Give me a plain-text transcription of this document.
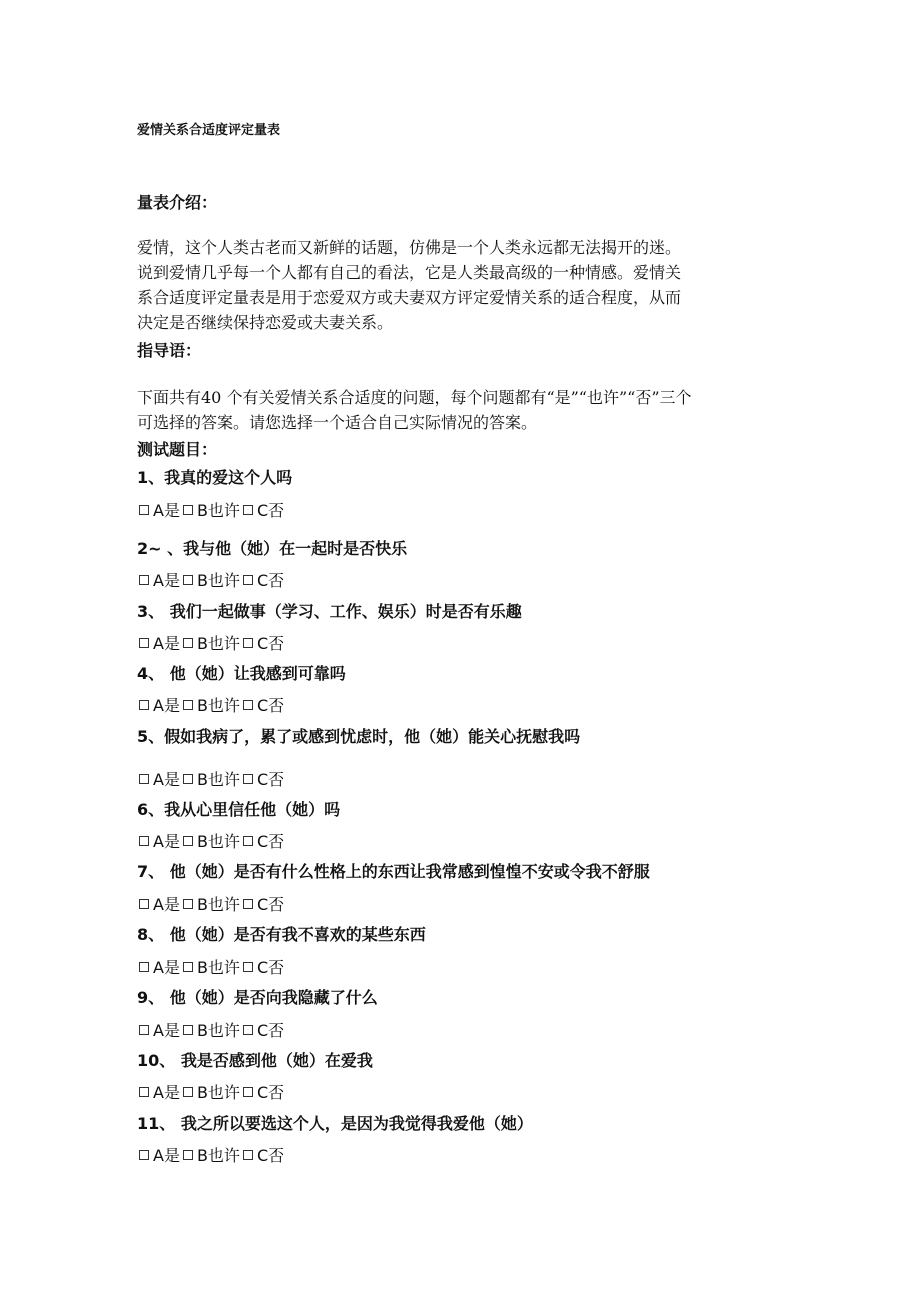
爱情关系合适度评定量表
量表介绍：
爱情，这个人类古老而又新鲜的话题，仿佛是一个人类永远都无法揭开的迷。
说到爱情几乎每一个人都有自己的看法，它是人类最高级的一种情感。爱情关
系合适度评定量表是用于恋爱双方或夫妻双方评定爱情关系的适合程度，从而
决定是否继续保持恋爱或夫妻关系。
指导语：
下面共有40 个有关爱情关系合适度的问题，每个问题都有“是”“也许”“否”三个
可选择的答案。请您选择一个适合自己实际情况的答案。
测试题目：
1、我真的爱这个人吗
A是 B也许 C否
2~ 、我与他（她）在一起时是否快乐
A是 B也许 C否
3、 我们一起做事（学习、工作、娱乐）时是否有乐趣
A是 B也许 C否
4、 他（她）让我感到可靠吗
A是 B也许 C否
5、假如我病了，累了或感到忧虑时，他（她）能关心抚慰我吗
A是 B也许 C否
6、我从心里信任他（她）吗
A是 B也许 C否
7、 他（她）是否有什么性格上的东西让我常感到惶惶不安或令我不舒服
A是 B也许 C否
8、 他（她）是否有我不喜欢的某些东西
A是 B也许 C否
9、 他（她）是否向我隐藏了什么
A是 B也许 C否
10、 我是否感到他（她）在爱我
A是 B也许 C否
11、 我之所以要选这个人，是因为我觉得我爱他（她）
A是 B也许 C否
